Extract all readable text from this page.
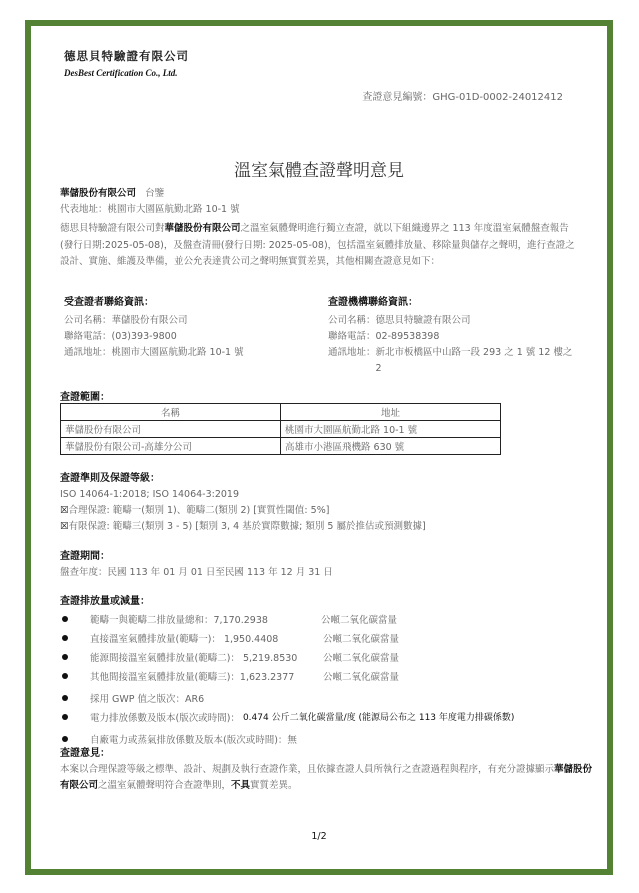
德思貝特驗證有限公司
DesBest Certification Co., Ltd.
查證意見編號：GHG-01D-0002-24012412
溫室氣體查證聲明意見
華儲股份有限公司 台鑒
代表地址：桃園市大園區航勤北路 10-1 號
德思貝特驗證有限公司對華儲股份有限公司之溫室氣體聲明進行獨立查證，就以下組織邊界之 113 年度溫室氣體盤查報告(發行日期:2025-05-08)，及盤查清冊(發行日期: 2025-05-08)，包括溫室氣體排放量、移除量與儲存之聲明，進行查證之設計、實施、維護及準備，並公允表達貴公司之聲明無實質差異，其他相關查證意見如下：
受查證者聯絡資訊：
公司名稱： 華儲股份有限公司
聯絡電話： (03)393-9800
通訊地址： 桃園市大園區航勤北路 10-1 號
查證機構聯絡資訊：
公司名稱： 德思貝特驗證有限公司
聯絡電話： 02-89538398
通訊地址： 新北市板橋區中山路一段 293 之 1 號 12 樓之 2
查證範圍：
名稱	地址
華儲股份有限公司	桃園市大園區航勤北路 10-1 號
華儲股份有限公司-高雄分公司	高雄市小港區飛機路 630 號
查證準則及保證等級：
ISO 14064-1:2018; ISO 14064-3:2019
☒合理保證: 範疇一(類別 1)、範疇二(類別 2) [實質性閾值: 5%]
☒有限保證: 範疇三(類別 3 - 5) [類別 3, 4 基於實際數據; 類別 5 屬於推估或預測數據]
查證期間：
盤查年度：民國 113 年 01 月 01 日至民國 113 年 12 月 31 日
查證排放量或減量：
範疇一與範疇二排放量總和：7,170.2938	公噸二氧化碳當量
直接溫室氣體排放量(範疇一)： 1,950.4408	公噸二氧化碳當量
能源間接溫室氣體排放量(範疇二)： 5,219.8530	公噸二氧化碳當量
其他間接溫室氣體排放量(範疇三)：1,623.2377	公噸二氧化碳當量
採用 GWP 值之版次：AR6
電力排放係數及版本(版次或時間)：
0.474 公斤二氧化碳當量/度 (能源局公布之 113 年度電力排碳係數)
自廠電力或蒸氣排放係數及版本(版次或時間)：無
查證意見：
本案以合理保證等級之標準、設計、規劃及執行查證作業，且依據查證人員所執行之查證過程與程序，有充分證據顯示華儲股份有限公司之溫室氣體聲明符合查證準則，不具實質差異。
1/2
